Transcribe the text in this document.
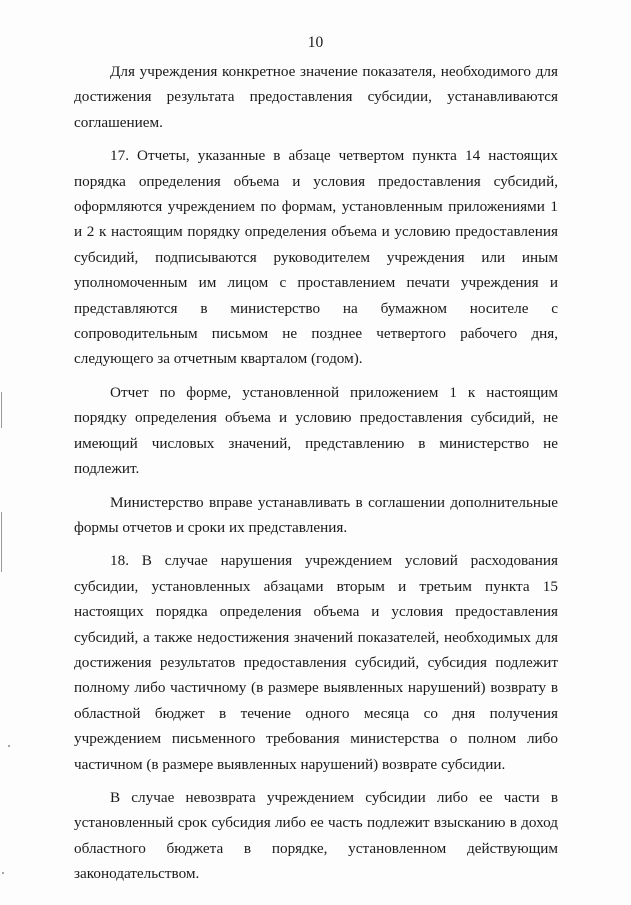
10

Для учреждения конкретное значение показателя, необходимого для достижения результата предоставления субсидии, устанавливаются соглашением.

17. Отчеты, указанные в абзаце четвертом пункта 14 настоящих порядка определения объема и условия предоставления субсидий, оформляются учреждением по формам, установленным приложениями 1 и 2 к настоящим порядку определения объема и условию предоставления субсидий, подписываются руководителем учреждения или иным уполномоченным им лицом с проставлением печати учреждения и представляются в министерство на бумажном носителе с сопроводительным письмом не позднее четвертого рабочего дня, следующего за отчетным кварталом (годом).

Отчет по форме, установленной приложением 1 к настоящим порядку определения объема и условию предоставления субсидий, не имеющий числовых значений, представлению в министерство не подлежит.

Министерство вправе устанавливать в соглашении дополнительные формы отчетов и сроки их представления.

18. В случае нарушения учреждением условий расходования субсидии, установленных абзацами вторым и третьим пункта 15 настоящих порядка определения объема и условия предоставления субсидий, а также недостижения значений показателей, необходимых для достижения результатов предоставления субсидий, субсидия подлежит полному либо частичному (в размере выявленных нарушений) возврату в областной бюджет в течение одного месяца со дня получения учреждением письменного требования министерства о полном либо частичном (в размере выявленных нарушений) возврате субсидии.

В случае невозврата учреждением субсидии либо ее части в установленный срок субсидия либо ее часть подлежит взысканию в доход областного бюджета в порядке, установленном действующим законодательством.
